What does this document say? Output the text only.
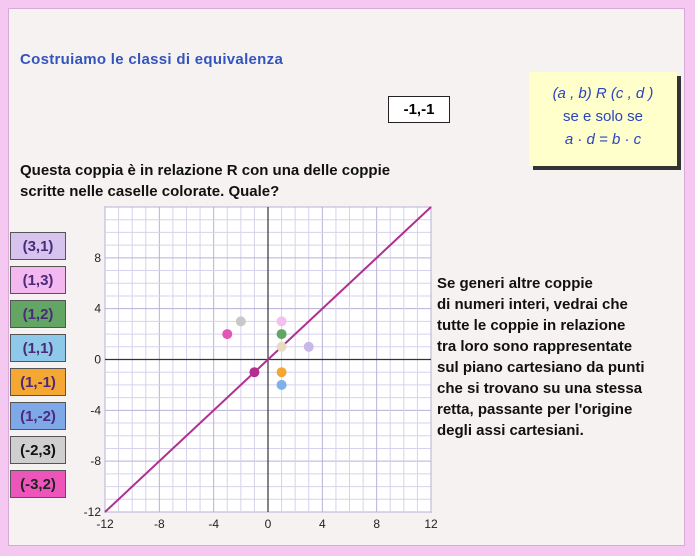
Costruiamo le classi di equivalenza
-1,-1
(a , b) R (c , d )
se e solo se
a · d = b · c
Questa coppia è in relazione R con una delle coppie
scritte nelle caselle colorate. Quale?
(3,1)
(1,3)
(1,2)
(1,1)
(1,-1)
(1,-2)
(-2,3)
(-3,2)
-12	-8	-4	0	4	8	12
8
4
0
-4
-8
-12
Se generi altre coppie
di numeri interi, vedrai che
tutte le coppie in relazione
tra loro sono rappresentate
sul piano cartesiano da punti
che si trovano su una stessa
retta, passante per l'origine
degli assi cartesiani.
